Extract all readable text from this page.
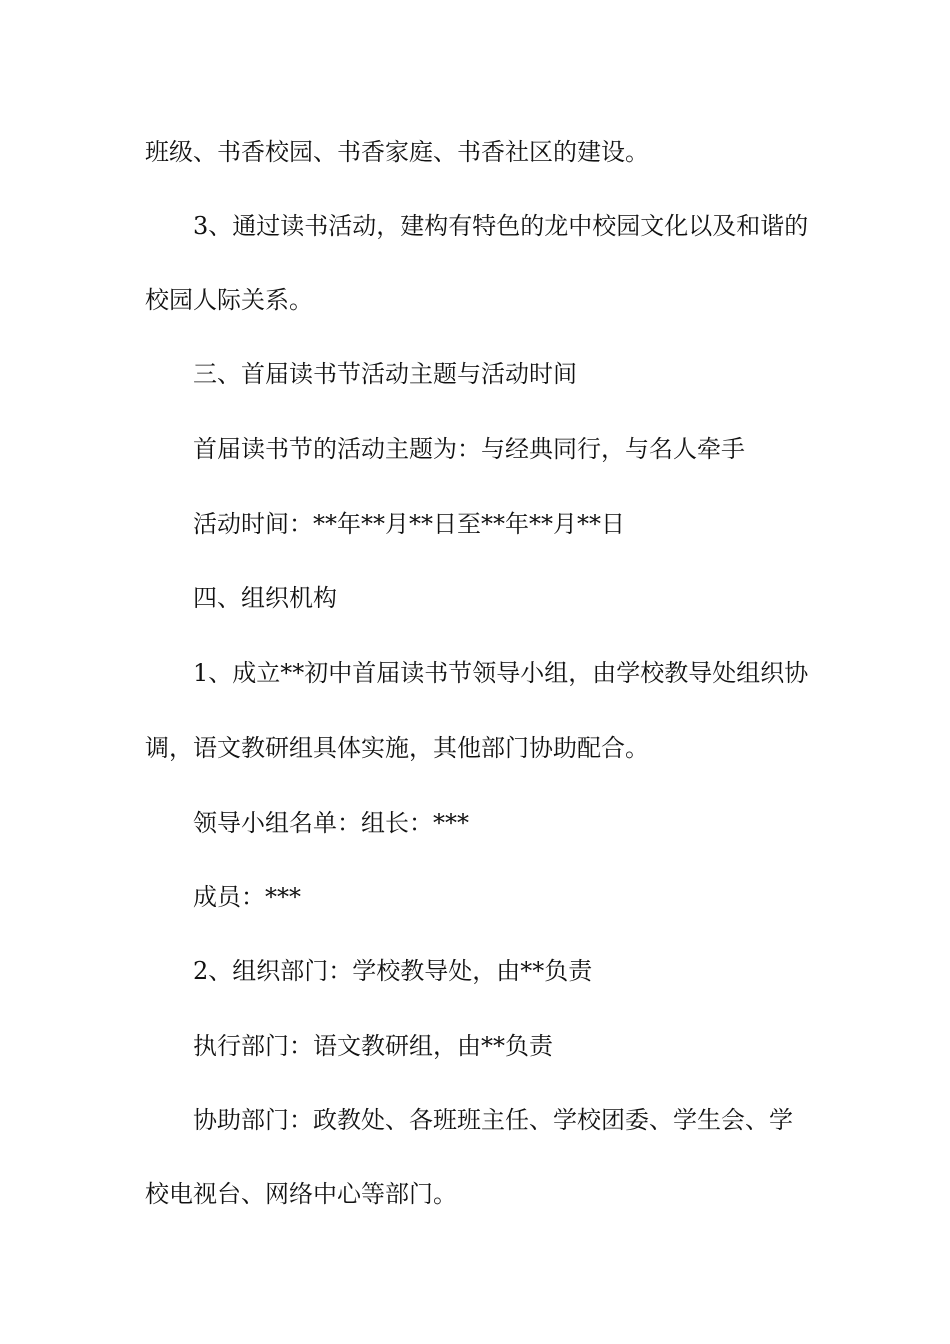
班级、书香校园、书香家庭、书香社区的建设。
3、通过读书活动，建构有特色的龙中校园文化以及和谐的
校园人际关系。
三、首届读书节活动主题与活动时间
首届读书节的活动主题为：与经典同行，与名人牵手
活动时间：**年**月**日至**年**月**日
四、组织机构
1、成立**初中首届读书节领导小组，由学校教导处组织协
调，语文教研组具体实施，其他部门协助配合。
领导小组名单：组长：***
成员：***
2、组织部门：学校教导处，由**负责
执行部门：语文教研组，由**负责
协助部门：政教处、各班班主任、学校团委、学生会、学
校电视台、网络中心等部门。
